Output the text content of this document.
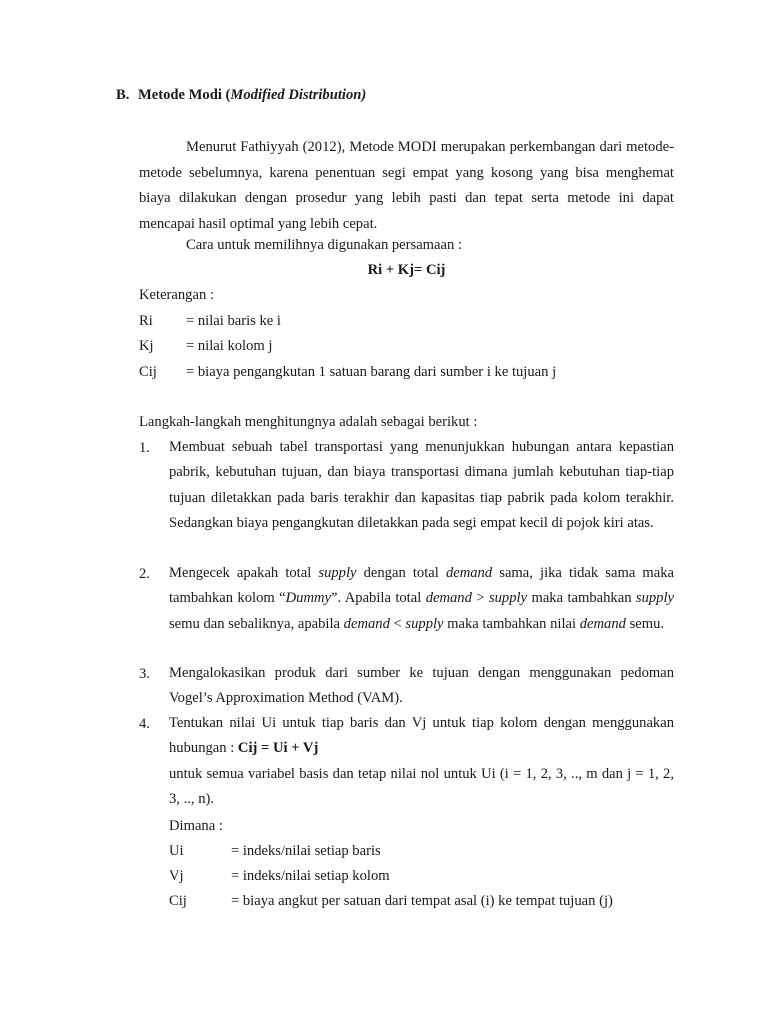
B. Metode Modi (Modified Distribution)
Menurut Fathiyyah (2012), Metode MODI merupakan perkembangan dari metode-metode sebelumnya, karena penentuan segi empat yang kosong yang bisa menghemat biaya dilakukan dengan prosedur yang lebih pasti dan tepat serta metode ini dapat mencapai hasil optimal yang lebih cepat.
Cara untuk memilihnya digunakan persamaan :
Ri + Kj= Cij
Keterangan :
Ri = nilai baris ke i
Kj = nilai kolom j
Cij = biaya pengangkutan 1 satuan barang dari sumber i ke tujuan j
Langkah-langkah menghitungnya adalah sebagai berikut :
1. Membuat sebuah tabel transportasi yang menunjukkan hubungan antara kepastian pabrik, kebutuhan tujuan, dan biaya transportasi dimana jumlah kebutuhan tiap-tiap tujuan diletakkan pada baris terakhir dan kapasitas tiap pabrik pada kolom terakhir. Sedangkan biaya pengangkutan diletakkan pada segi empat kecil di pojok kiri atas.
2. Mengecek apakah total supply dengan total demand sama, jika tidak sama maka tambahkan kolom “Dummy”. Apabila total demand > supply maka tambahkan supply semu dan sebaliknya, apabila demand < supply maka tambahkan nilai demand semu.
3. Mengalokasikan produk dari sumber ke tujuan dengan menggunakan pedoman Vogel’s Approximation Method (VAM).
4. Tentukan nilai Ui untuk tiap baris dan Vj untuk tiap kolom dengan menggunakan hubungan : Cij = Ui + Vj
untuk semua variabel basis dan tetap nilai nol untuk Ui (i = 1, 2, 3, .., m dan j = 1, 2, 3, .., n).
Dimana :
Ui	= indeks/nilai setiap baris
Vj	= indeks/nilai setiap kolom
Cij	= biaya angkut per satuan dari tempat asal (i) ke tempat tujuan (j)
